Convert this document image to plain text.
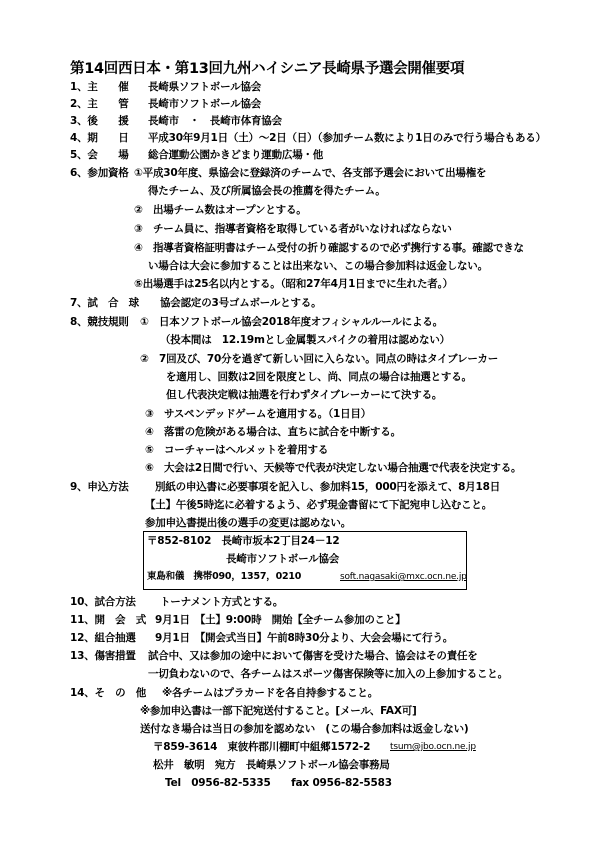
第14回西日本・第13回九州ハイシニア長崎県予選会開催要項
1、主　　催 長崎県ソフトボール協会
2、主　　管 長崎市ソフトボール協会
3、後　　援 長崎市　・　長崎市体育協会
4、期　　日 平成30年9月1日（土）～2日（日）（参加チーム数により1日のみで行う場合もある）
5、会　　場 総合運動公園かきどまり運動広場・他
6、参加資格 ①平成30年度、県協会に登録済のチームで、各支部予選会において出場権を
得たチーム、及び所属協会長の推薦を得たチーム。
②　出場チーム数はオープンとする。
③　チーム員に、指導者資格を取得している者がいなければならない
④　指導者資格証明書はチーム受付の折り確認するので必ず携行する事。確認できな
い場合は大会に参加することは出来ない、この場合参加料は返金しない。
⑤出場選手は25名以内とする。（昭和27年4月1日までに生れた者。）
7、試　合　球 協会認定の3号ゴムボールとする。
8、競技規則 ①　日本ソフトボール協会2018年度オフィシャルルールによる。
（投本間は　12.19mとし金属製スパイクの着用は認めない）
②　7回及び、70分を過ぎて新しい回に入らない。同点の時はタイブレーカー
を適用し、回数は2回を限度とし、尚、同点の場合は抽選とする。
但し代表決定戦は抽選を行わずタイブレーカーにて決する。
③　サスペンデッドゲームを適用する。（1日目）
④　落雷の危険がある場合は、直ちに試合を中断する。
⑤　コーチャーはヘルメットを着用する
⑥　大会は2日間で行い、天候等で代表が決定しない場合抽選で代表を決定する。
9、申込方法	別紙の申込書に必要事項を記入し、参加料15，000円を添えて、8月18日
【土】午後5時迄に必着するよう、必ず現金書留にて下記宛申し込むこと。
参加申込書提出後の選手の変更は認めない。
〒852-8102　長崎市坂本2丁目24－12
長崎市ソフトボール協会
東島和儀　携帯090，1357，0210	soft.nagasaki@mxc.ocn.ne.jp
10、試合方法 トーナメント方式とする。
11、開　会　式 9月1日　【土】9:00時　開始【全チーム参加のこと】
12、組合抽選 9月1日　【開会式当日】午前8時30分より、大会会場にて行う。
13、傷害措置 試合中、又は参加の途中において傷害を受けた場合、協会はその責任を
一切負わないので、各チームはスポーツ傷害保険等に加入の上参加すること。
14、そ　の　他 ※各チームはプラカードを各自持参すること。
※参加申込書は一部下記宛送付すること。[メール、FAX可]
送付なき場合は当日の参加を認めない　(この場合参加料は返金しない)
〒859-3614　東彼杵郡川棚町中組郷1572-2 tsum@jbo.ocn.ne.jp
松井　敏明　宛方　長崎県ソフトボール協会事務局
Tel　0956-82-5335　　fax 0956-82-5583
